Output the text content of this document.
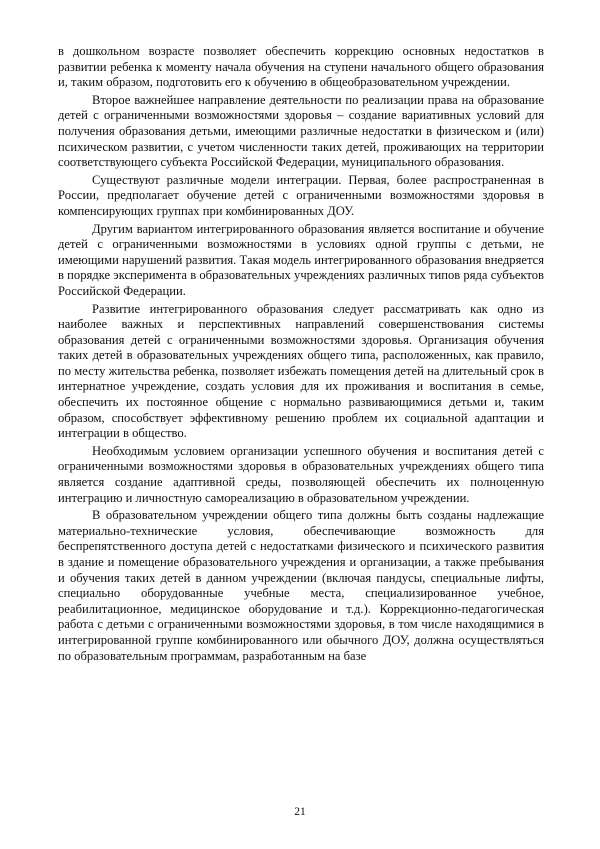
в дошкольном возрасте позволяет обеспечить коррекцию основных недостатков в развитии ребенка к моменту начала обучения на ступени начального общего образования и, таким образом, подготовить его к обучению в общеобразовательном учреждении.

Второе важнейшее направление деятельности по реализации права на образование детей с ограниченными возможностями здоровья – создание вариативных условий для получения образования детьми, имеющими различные недостатки в физическом и (или) психическом развитии, с учетом численности таких детей, проживающих на территории соответствующего субъекта Российской Федерации, муниципального образования.

Существуют различные модели интеграции. Первая, более распространенная в России, предполагает обучение детей с ограниченными возможностями здоровья в компенсирующих группах при комбинированных ДОУ.

Другим вариантом интегрированного образования является воспитание и обучение детей с ограниченными возможностями в условиях одной группы с детьми, не имеющими нарушений развития. Такая модель интегрированного образования внедряется в порядке эксперимента в образовательных учреждениях различных типов ряда субъектов Российской Федерации.

Развитие интегрированного образования следует рассматривать как одно из наиболее важных и перспективных направлений совершенствования системы образования детей с ограниченными возможностями здоровья. Организация обучения таких детей в образовательных учреждениях общего типа, расположенных, как правило, по месту жительства ребенка, позволяет избежать помещения детей на длительный срок в интернатное учреждение, создать условия для их проживания и воспитания в семье, обеспечить их постоянное общение с нормально развивающимися детьми и, таким образом, способствует эффективному решению проблем их социальной адаптации и интеграции в общество.

Необходимым условием организации успешного обучения и воспитания детей с ограниченными возможностями здоровья в образовательных учреждениях общего типа является создание адаптивной среды, позволяющей обеспечить их полноценную интеграцию и личностную самореализацию в образовательном учреждении.

В образовательном учреждении общего типа должны быть созданы надлежащие материально-технические условия, обеспечивающие возможность для беспрепятственного доступа детей с недостатками физического и психического развития в здание и помещение образовательного учреждения и организации, а также пребывания и обучения таких детей в данном учреждении (включая пандусы, специальные лифты, специально оборудованные учебные места, специализированное учебное, реабилитационное, медицинское оборудование и т.д.). Коррекционно-педагогическая работа с детьми с ограниченными возможностями здоровья, в том числе находящимися в интегрированной группе комбинированного или обычного ДОУ, должна осуществляться по образовательным программам, разработанным на базе

21
